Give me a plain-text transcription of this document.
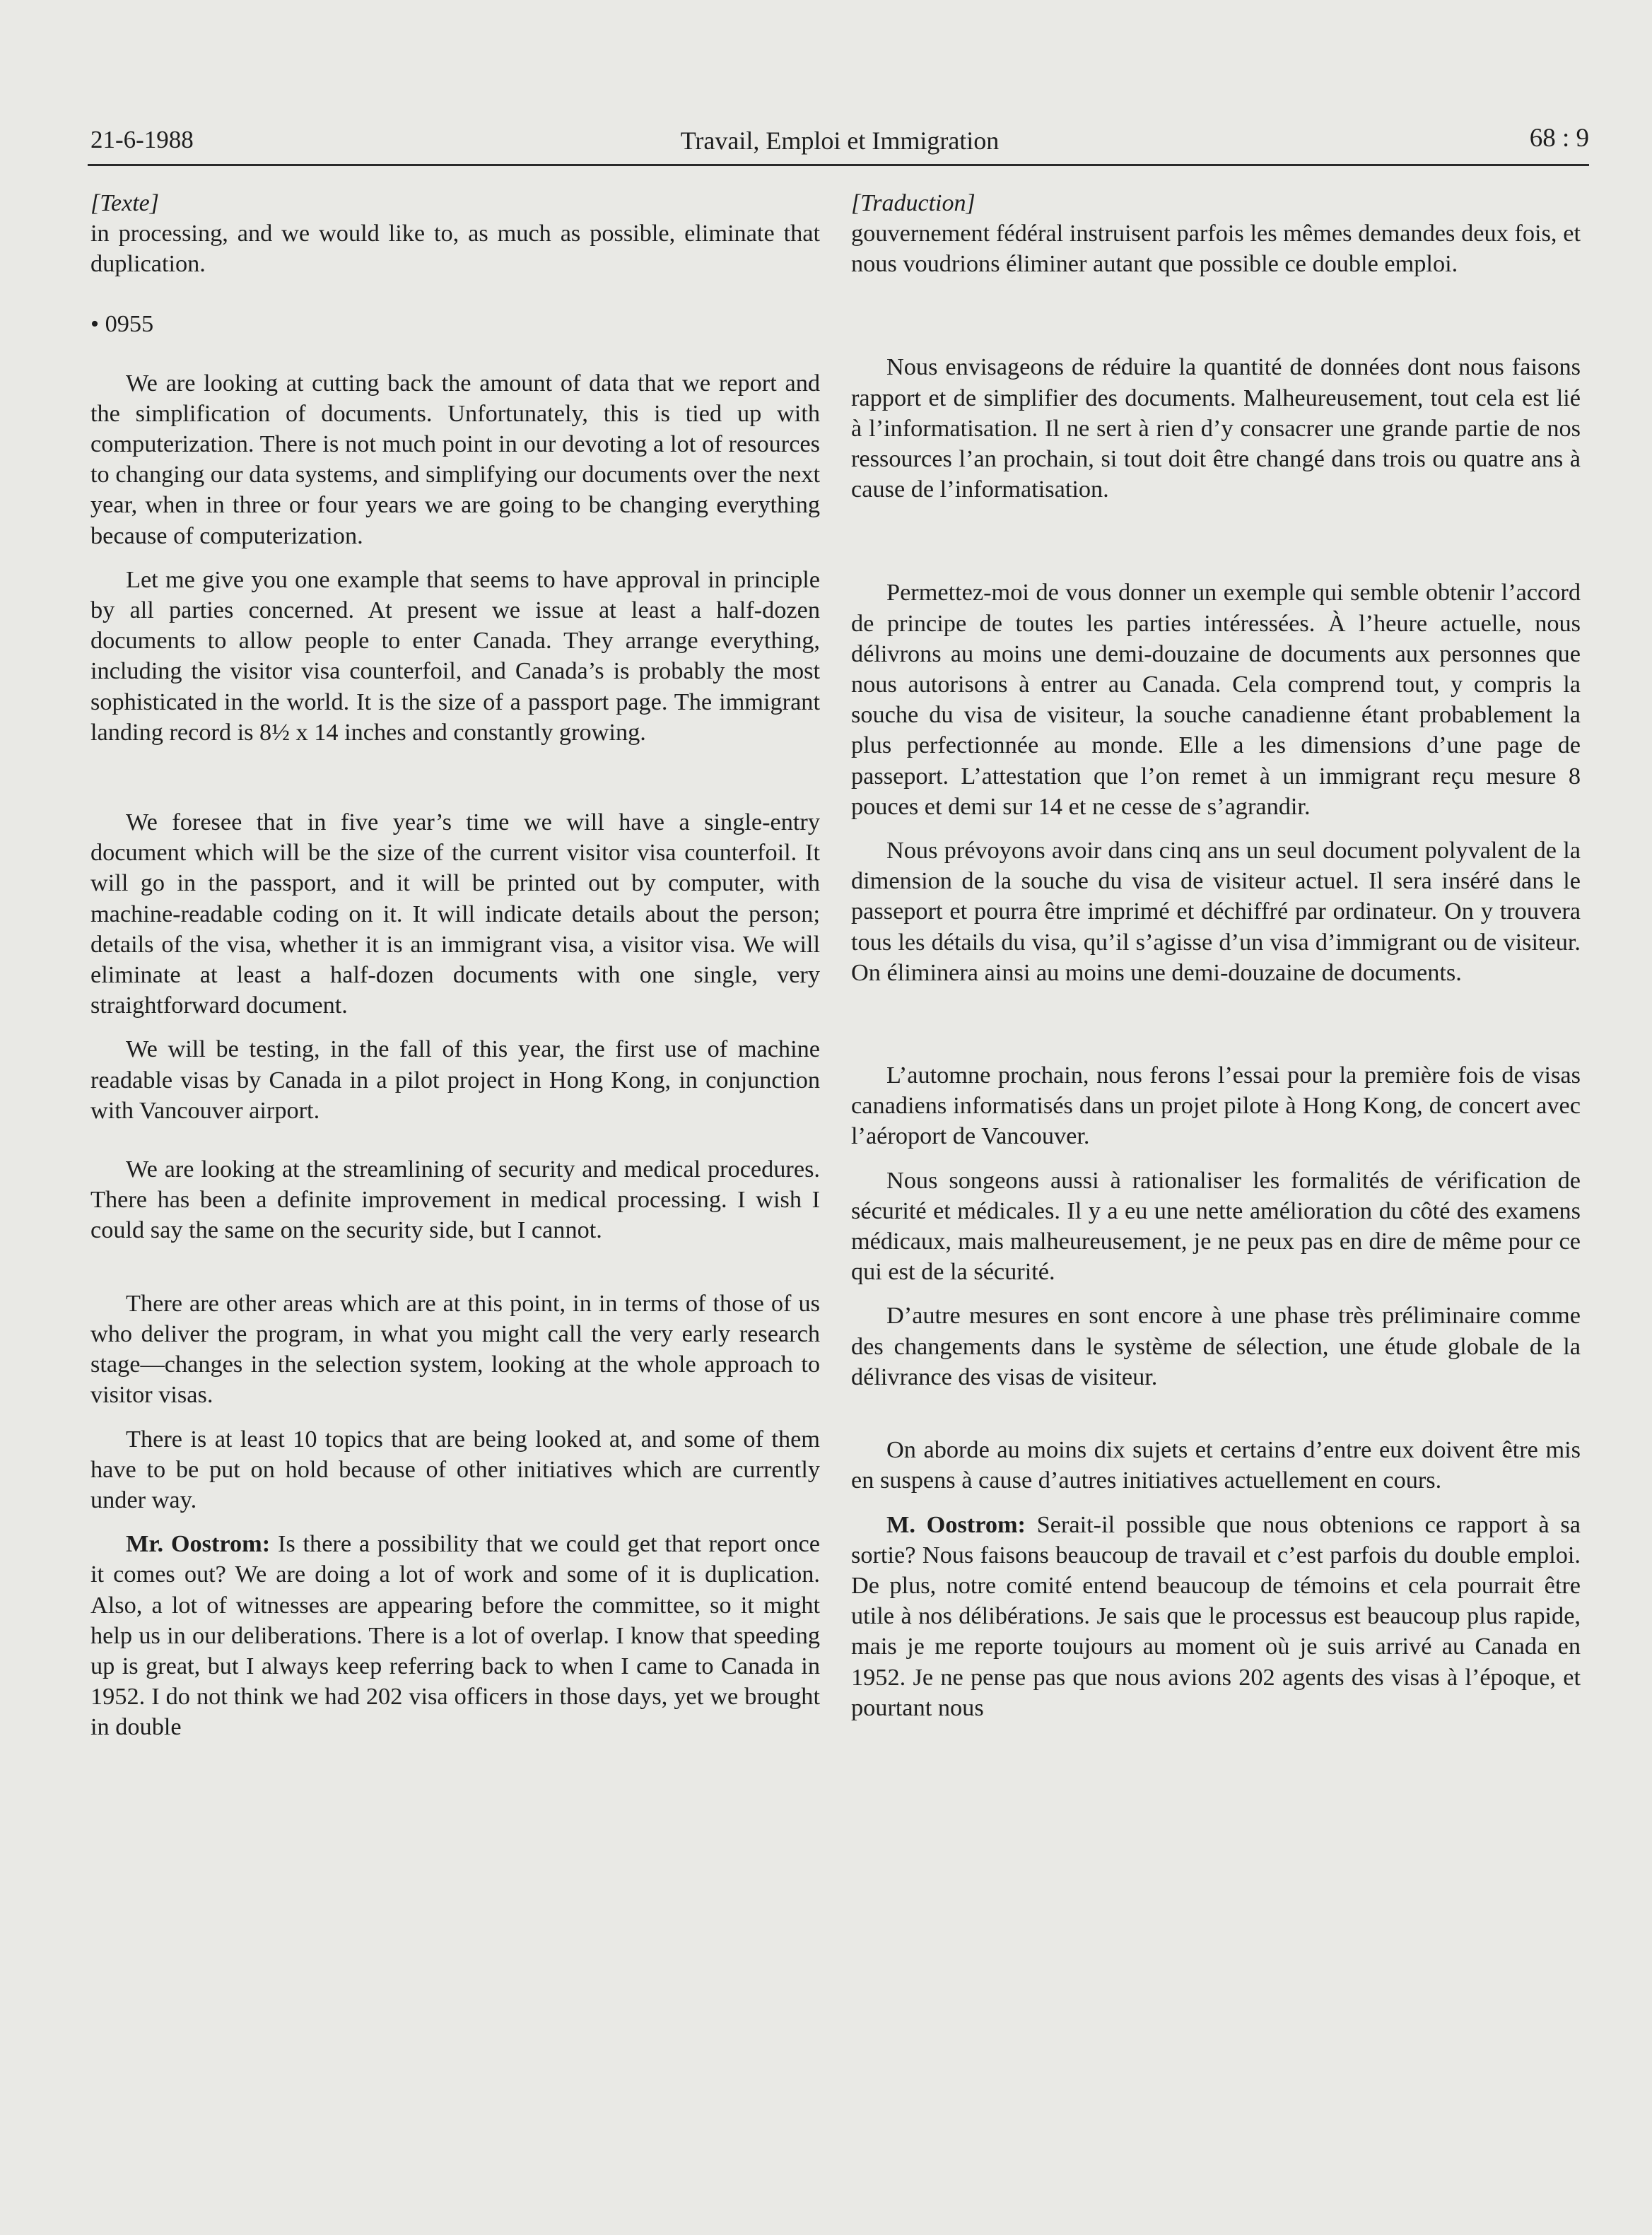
21-6-1988	Travail, Emploi et Immigration	68 : 9

[Texte]

in processing, and we would like to, as much as possible, eliminate that duplication.

• 0955

We are looking at cutting back the amount of data that we report and the simplification of documents. Unfortunately, this is tied up with computerization. There is not much point in our devoting a lot of resources to changing our data systems, and simplifying our documents over the next year, when in three or four years we are going to be changing everything because of computerization.

Let me give you one example that seems to have approval in principle by all parties concerned. At present we issue at least a half-dozen documents to allow people to enter Canada. They arrange everything, including the visitor visa counterfoil, and Canada’s is probably the most sophisticated in the world. It is the size of a passport page. The immigrant landing record is 8½ x 14 inches and constantly growing.

We foresee that in five year’s time we will have a single-entry document which will be the size of the current visitor visa counterfoil. It will go in the passport, and it will be printed out by computer, with machine-readable coding on it. It will indicate details about the person; details of the visa, whether it is an immigrant visa, a visitor visa. We will eliminate at least a half-dozen documents with one single, very straightforward document.

We will be testing, in the fall of this year, the first use of machine readable visas by Canada in a pilot project in Hong Kong, in conjunction with Vancouver airport.

We are looking at the streamlining of security and medical procedures. There has been a definite improvement in medical processing. I wish I could say the same on the security side, but I cannot.

There are other areas which are at this point, in in terms of those of us who deliver the program, in what you might call the very early research stage—changes in the selection system, looking at the whole approach to visitor visas.

There is at least 10 topics that are being looked at, and some of them have to be put on hold because of other initiatives which are currently under way.

Mr. Oostrom: Is there a possibility that we could get that report once it comes out? We are doing a lot of work and some of it is duplication. Also, a lot of witnesses are appearing before the committee, so it might help us in our deliberations. There is a lot of overlap. I know that speeding up is great, but I always keep referring back to when I came to Canada in 1952. I do not think we had 202 visa officers in those days, yet we brought in double

[Traduction]

gouvernement fédéral instruisent parfois les mêmes demandes deux fois, et nous voudrions éliminer autant que possible ce double emploi.

Nous envisageons de réduire la quantité de données dont nous faisons rapport et de simplifier des documents. Malheureusement, tout cela est lié à l’informatisation. Il ne sert à rien d’y consacrer une grande partie de nos ressources l’an prochain, si tout doit être changé dans trois ou quatre ans à cause de l’informatisation.

Permettez-moi de vous donner un exemple qui semble obtenir l’accord de principe de toutes les parties intéressées. À l’heure actuelle, nous délivrons au moins une demi-douzaine de documents aux personnes que nous autorisons à entrer au Canada. Cela comprend tout, y compris la souche du visa de visiteur, la souche canadienne étant probablement la plus perfectionnée au monde. Elle a les dimensions d’une page de passeport. L’attestation que l’on remet à un immigrant reçu mesure 8 pouces et demi sur 14 et ne cesse de s’agrandir.

Nous prévoyons avoir dans cinq ans un seul document polyvalent de la dimension de la souche du visa de visiteur actuel. Il sera inséré dans le passeport et pourra être imprimé et déchiffré par ordinateur. On y trouvera tous les détails du visa, qu’il s’agisse d’un visa d’immigrant ou de visiteur. On éliminera ainsi au moins une demi-douzaine de documents.

L’automne prochain, nous ferons l’essai pour la première fois de visas canadiens informatisés dans un projet pilote à Hong Kong, de concert avec l’aéroport de Vancouver.

Nous songeons aussi à rationaliser les formalités de vérification de sécurité et médicales. Il y a eu une nette amélioration du côté des examens médicaux, mais malheureusement, je ne peux pas en dire de même pour ce qui est de la sécurité.

D’autre mesures en sont encore à une phase très préliminaire comme des changements dans le système de sélection, une étude globale de la délivrance des visas de visiteur.

On aborde au moins dix sujets et certains d’entre eux doivent être mis en suspens à cause d’autres initiatives actuellement en cours.

M. Oostrom: Serait-il possible que nous obtenions ce rapport à sa sortie? Nous faisons beaucoup de travail et c’est parfois du double emploi. De plus, notre comité entend beaucoup de témoins et cela pourrait être utile à nos délibérations. Je sais que le processus est beaucoup plus rapide, mais je me reporte toujours au moment où je suis arrivé au Canada en 1952. Je ne pense pas que nous avions 202 agents des visas à l’époque, et pourtant nous
